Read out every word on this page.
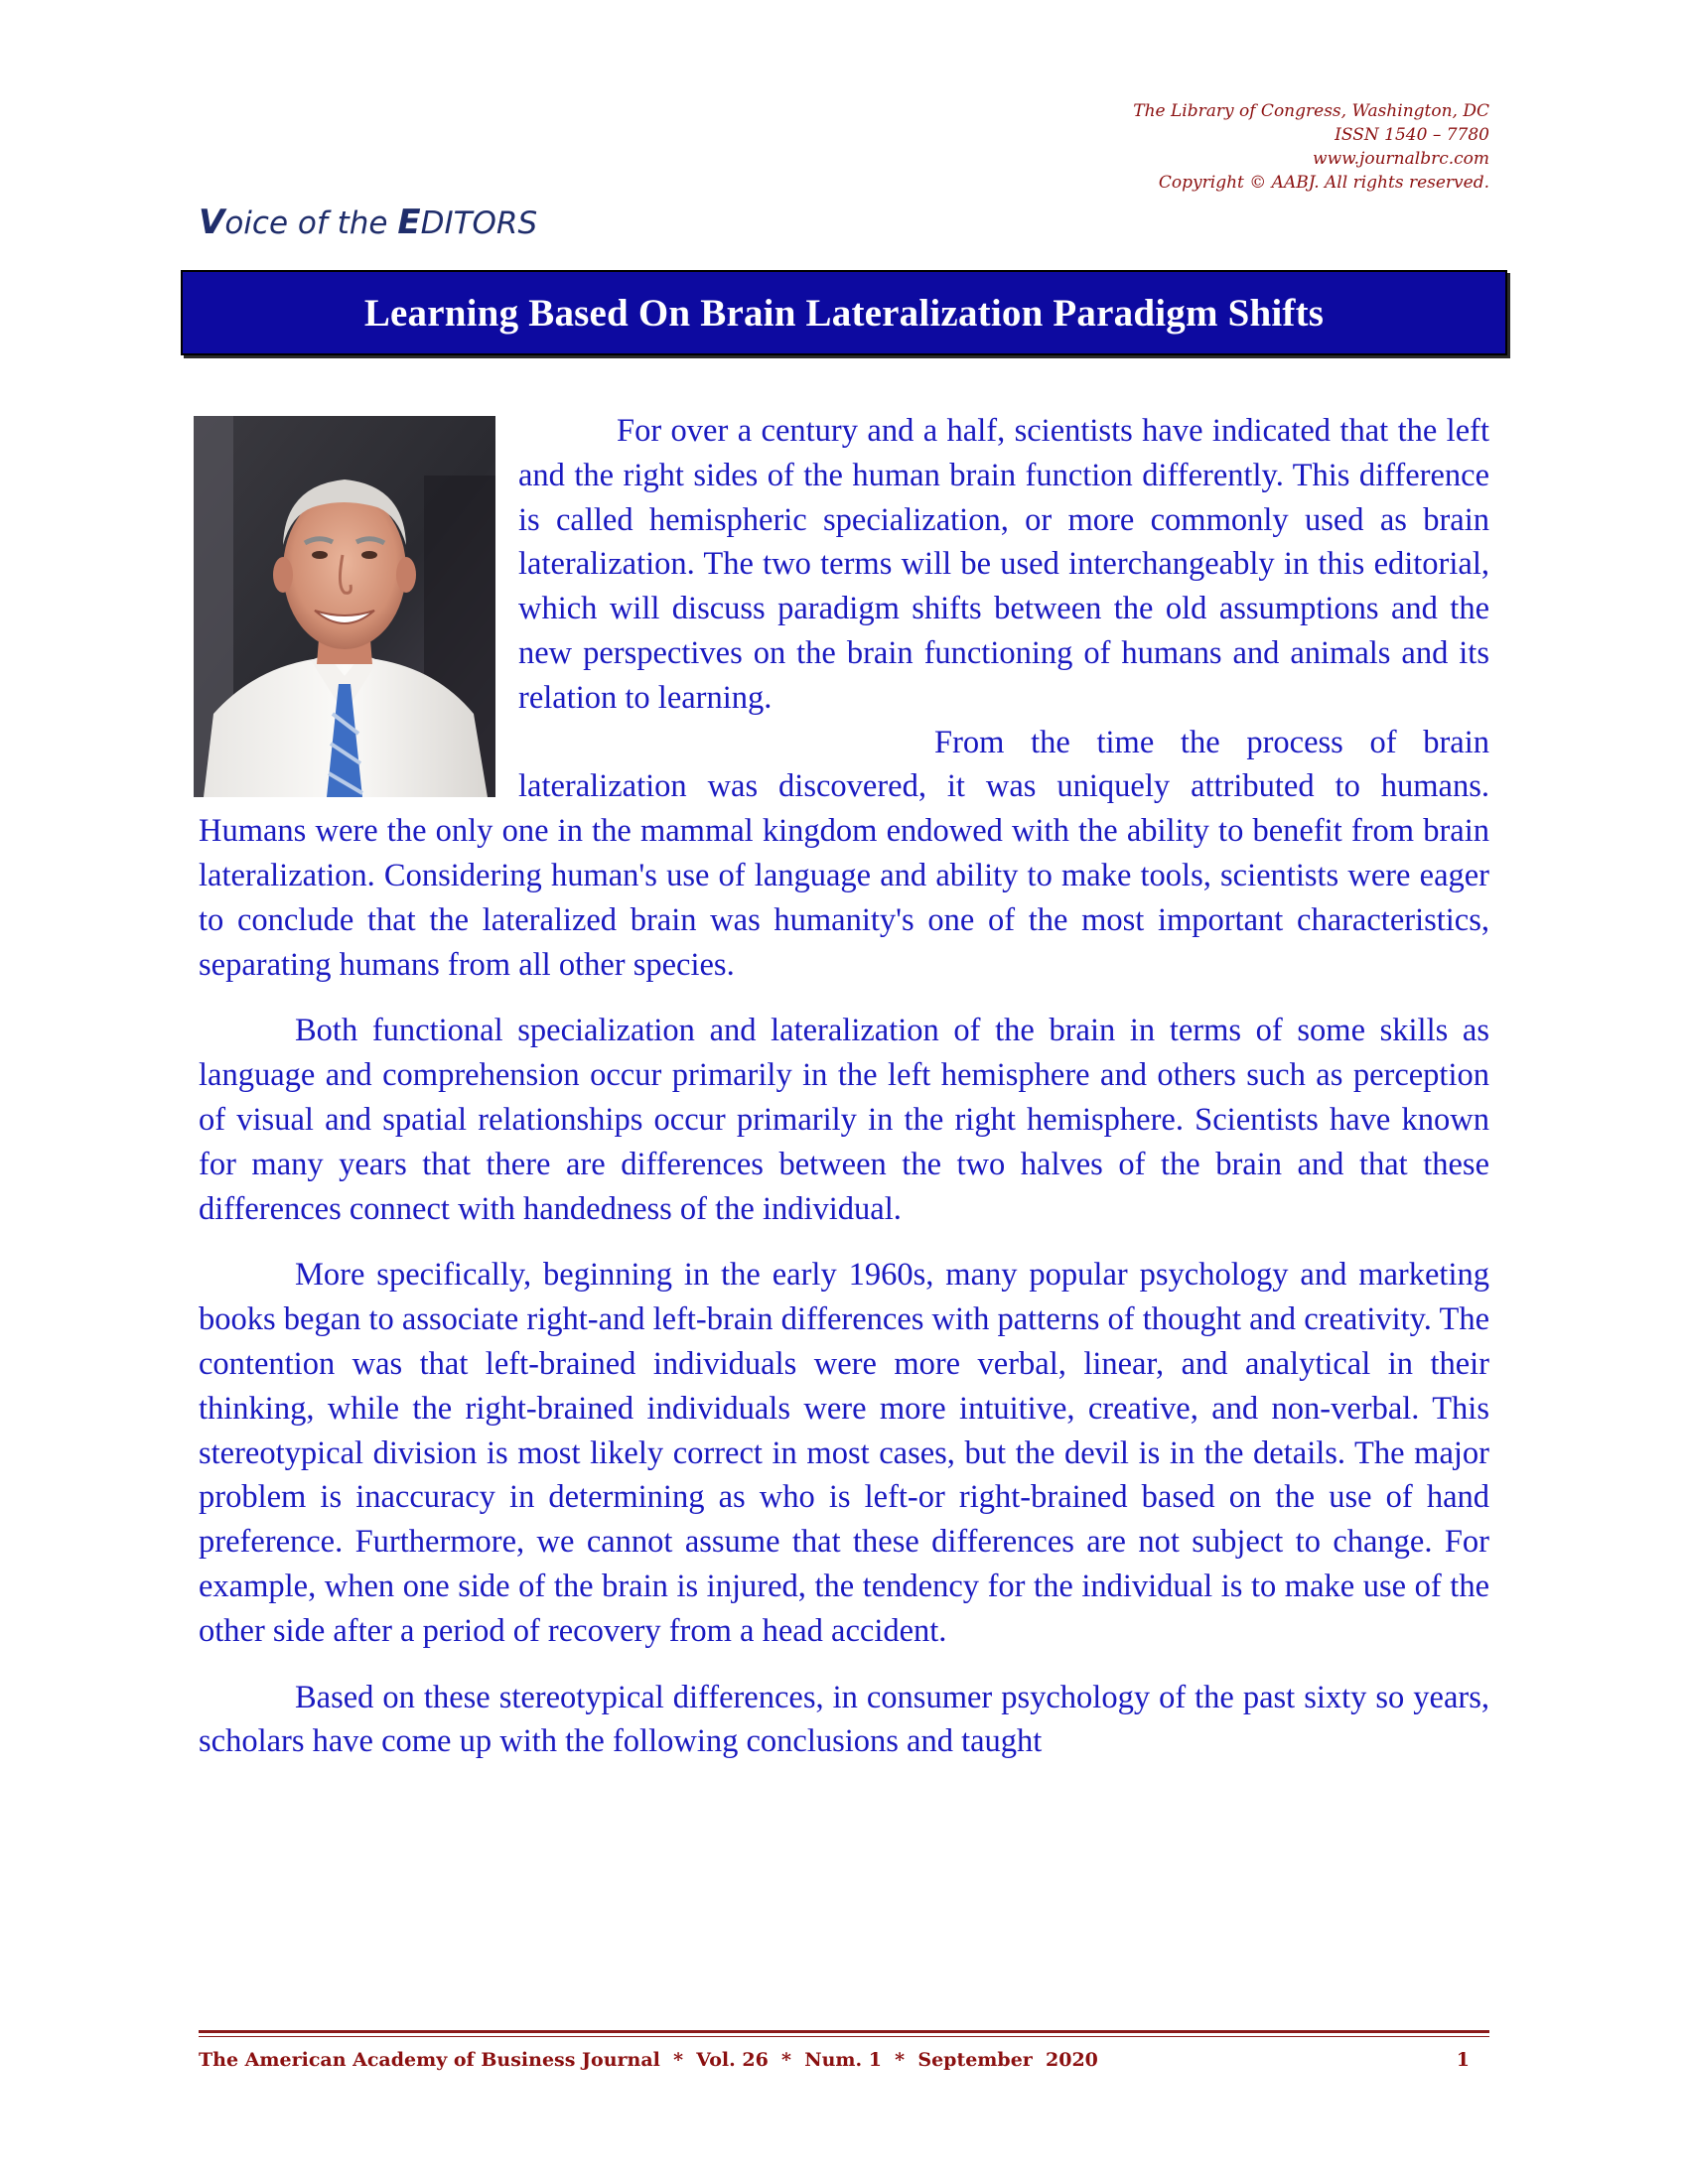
The Library of Congress, Washington, DC
ISSN 1540 – 7780
www.journalbrc.com
Copyright © AABJ. All rights reserved.
Voice of the EDITORS
Learning Based On Brain Lateralization Paradigm Shifts

For over a century and a half, scientists have indicated that the left and the right sides of the human brain function differently. This difference is called hemispheric specialization, or more commonly used as brain lateralization. The two terms will be used interchangeably in this editorial, which will discuss paradigm shifts between the old assumptions and the new perspectives on the brain functioning of humans and animals and its relation to learning.

From the time the process of brain lateralization was discovered, it was uniquely attributed to humans. Humans were the only one in the mammal kingdom endowed with the ability to benefit from brain lateralization. Considering human's use of language and ability to make tools, scientists were eager to conclude that the lateralized brain was humanity's one of the most important characteristics, separating humans from all other species.

Both functional specialization and lateralization of the brain in terms of some skills as language and comprehension occur primarily in the left hemisphere and others such as perception of visual and spatial relationships occur primarily in the right hemisphere. Scientists have known for many years that there are differences between the two halves of the brain and that these differences connect with handedness of the individual.

More specifically, beginning in the early 1960s, many popular psychology and marketing books began to associate right-and left-brain differences with patterns of thought and creativity. The contention was that left-brained individuals were more verbal, linear, and analytical in their thinking, while the right-brained individuals were more intuitive, creative, and non-verbal. This stereotypical division is most likely correct in most cases, but the devil is in the details. The major problem is inaccuracy in determining as who is left-or right-brained based on the use of hand preference. Furthermore, we cannot assume that these differences are not subject to change. For example, when one side of the brain is injured, the tendency for the individual is to make use of the other side after a period of recovery from a head accident.

Based on these stereotypical differences, in consumer psychology of the past sixty so years, scholars have come up with the following conclusions and taught

The American Academy of Business Journal  *  Vol. 26  *  Num. 1  *  September  2020	1
